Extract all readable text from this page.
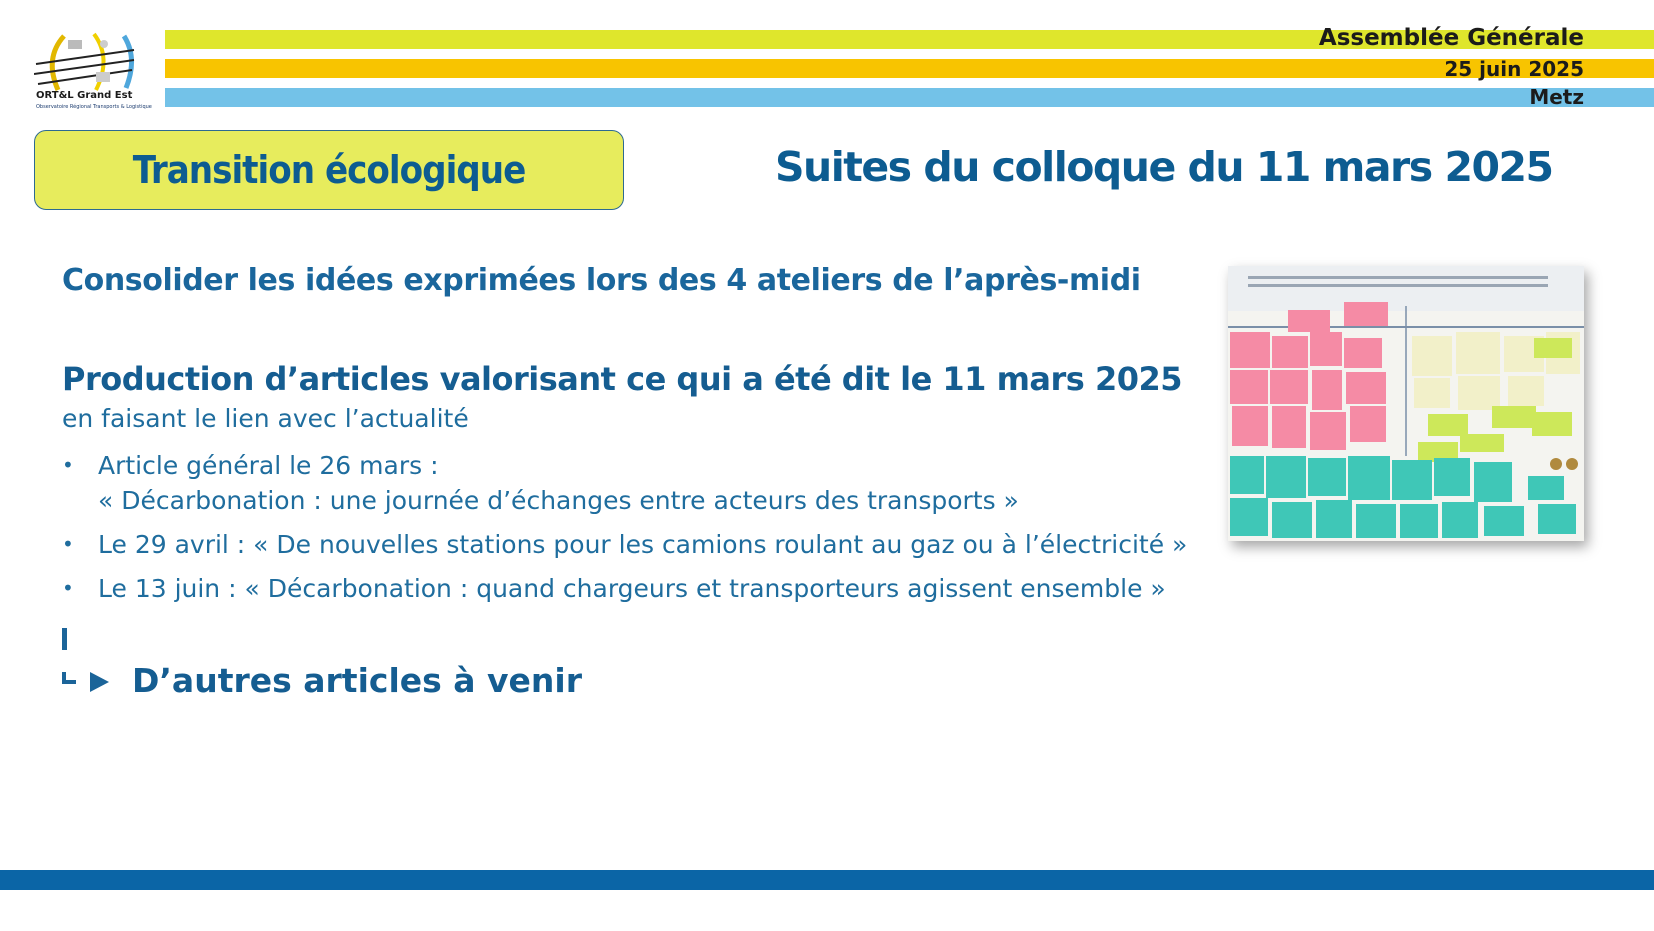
Assemblée Générale
25 juin 2025
Metz
ORT&L Grand Est
Observatoire Régional Transports & Logistique
Transition écologique	Suites du colloque du 11 mars 2025
Consolider les idées exprimées lors des 4 ateliers de l’après-midi
Production d’articles valorisant ce qui a été dit le 11 mars 2025
en faisant le lien avec l’actualité
• Article général le 26 mars :
« Décarbonation : une journée d’échanges entre acteurs des transports »
• Le 29 avril : « De nouvelles stations pour les camions roulant au gaz ou à l’électricité »
• Le 13 juin : « Décarbonation : quand chargeurs et transporteurs agissent ensemble »
D’autres articles à venir
